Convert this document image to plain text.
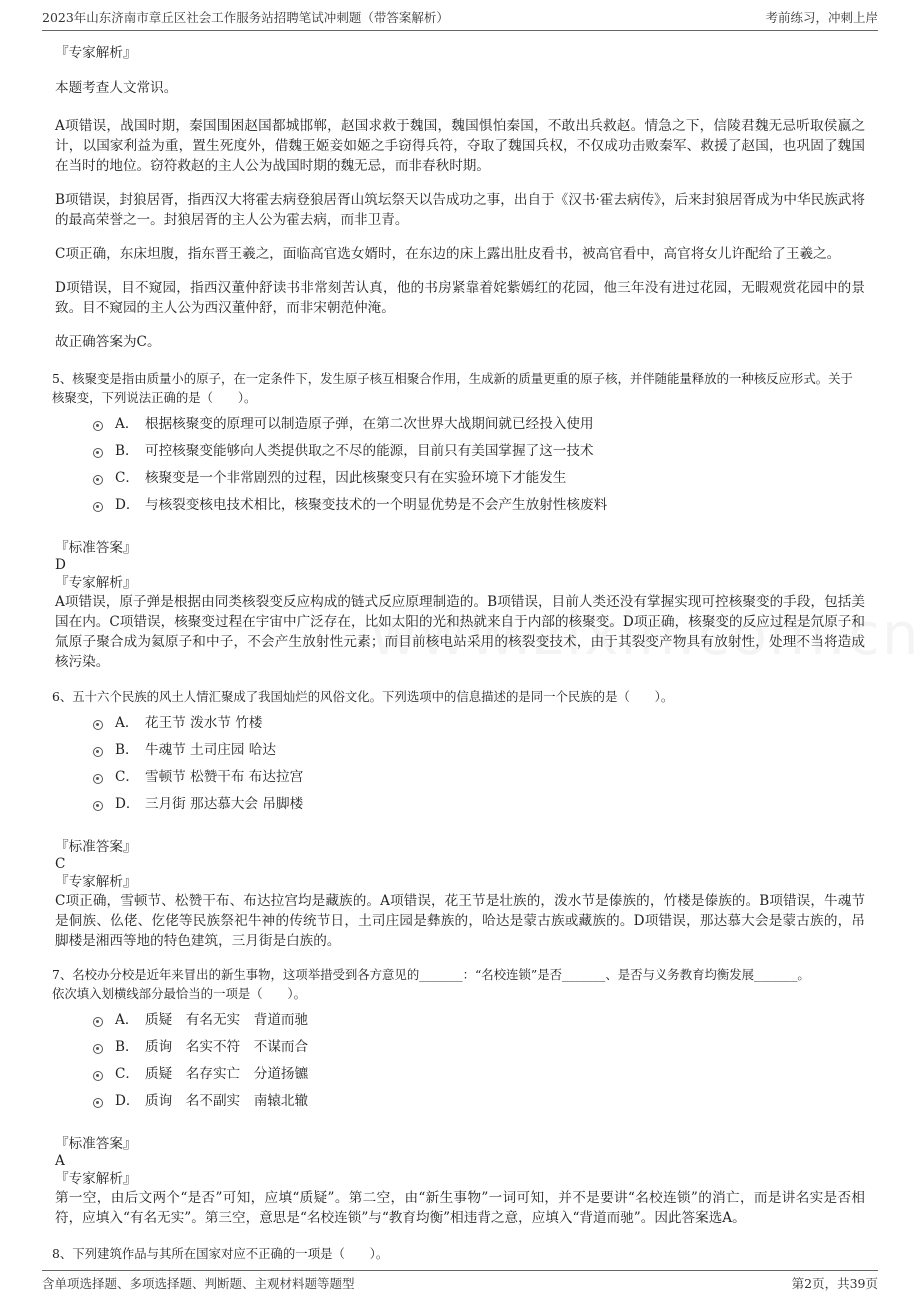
2023年山东济南市章丘区社会工作服务站招聘笔试冲刺题（带答案解析）	考前练习，冲刺上岸

『专家解析』

本题考查人文常识。

A项错误，战国时期，秦国围困赵国都城邯郸，赵国求救于魏国，魏国惧怕秦国，不敢出兵救赵。情急之下，信陵君魏无忌听取侯嬴之计，以国家利益为重，置生死度外，借魏王姬妾如姬之手窃得兵符，夺取了魏国兵权，不仅成功击败秦军、救援了赵国，也巩固了魏国在当时的地位。窃符救赵的主人公为战国时期的魏无忌，而非春秋时期。

B项错误，封狼居胥，指西汉大将霍去病登狼居胥山筑坛祭天以告成功之事，出自于《汉书·霍去病传》，后来封狼居胥成为中华民族武将的最高荣誉之一。封狼居胥的主人公为霍去病，而非卫青。

C项正确，东床坦腹，指东晋王羲之，面临高官选女婿时，在东边的床上露出肚皮看书，被高官看中，高官将女儿许配给了王羲之。

D项错误，目不窥园，指西汉董仲舒读书非常刻苦认真，他的书房紧靠着姹紫嫣红的花园，他三年没有进过花园，无暇观赏花园中的景致。目不窥园的主人公为西汉董仲舒，而非宋朝范仲淹。

故正确答案为C。

5、核聚变是指由质量小的原子，在一定条件下，发生原子核互相聚合作用，生成新的质量更重的原子核，并伴随能量释放的一种核反应形式。关于核聚变，下列说法正确的是（　　）。

A． 根据核聚变的原理可以制造原子弹，在第二次世界大战期间就已经投入使用
B． 可控核聚变能够向人类提供取之不尽的能源，目前只有美国掌握了这一技术
C． 核聚变是一个非常剧烈的过程，因此核聚变只有在实验环境下才能发生
D． 与核裂变核电技术相比，核聚变技术的一个明显优势是不会产生放射性核废料

『标准答案』

D

『专家解析』

A项错误，原子弹是根据由同类核裂变反应构成的链式反应原理制造的。B项错误，目前人类还没有掌握实现可控核聚变的手段，包括美国在内。C项错误，核聚变过程在宇宙中广泛存在，比如太阳的光和热就来自于内部的核聚变。D项正确，核聚变的反应过程是氘原子和氚原子聚合成为氦原子和中子，不会产生放射性元素；而目前核电站采用的核裂变技术，由于其裂变产物具有放射性，处理不当将造成核污染。

6、五十六个民族的风土人情汇聚成了我国灿烂的风俗文化。下列选项中的信息描述的是同一个民族的是（　　）。

A． 花王节 泼水节 竹楼
B． 牛魂节 土司庄园 哈达
C． 雪顿节 松赞干布 布达拉宫
D． 三月街 那达慕大会 吊脚楼

『标准答案』

C

『专家解析』

C项正确，雪顿节、松赞干布、布达拉宫均是藏族的。A项错误，花王节是壮族的，泼水节是傣族的，竹楼是傣族的。B项错误，牛魂节是侗族、仫佬、仡佬等民族祭祀牛神的传统节日，土司庄园是彝族的，哈达是蒙古族或藏族的。D项错误，那达慕大会是蒙古族的，吊脚楼是湘西等地的特色建筑，三月街是白族的。

7、名校办分校是近年来冒出的新生事物，这项举措受到各方意见的_______：“名校连锁”是否_______、是否与义务教育均衡发展_______。

依次填入划横线部分最恰当的一项是（　　）。

A． 质疑　有名无实　背道而驰
B． 质询　名实不符　不谋而合
C． 质疑　名存实亡　分道扬镳
D． 质询　名不副实　南辕北辙

『标准答案』

A

『专家解析』

第一空，由后文两个“是否”可知，应填“质疑”。第二空，由“新生事物”一词可知，并不是要讲“名校连锁”的消亡，而是讲名实是否相符，应填入“有名无实”。第三空，意思是“名校连锁”与“教育均衡”相违背之意，应填入“背道而驰”。因此答案选A。

8、下列建筑作品与其所在国家对应不正确的一项是（　　）。

含单项选择题、多项选择题、判断题、主观材料题等题型	第2页，共39页
